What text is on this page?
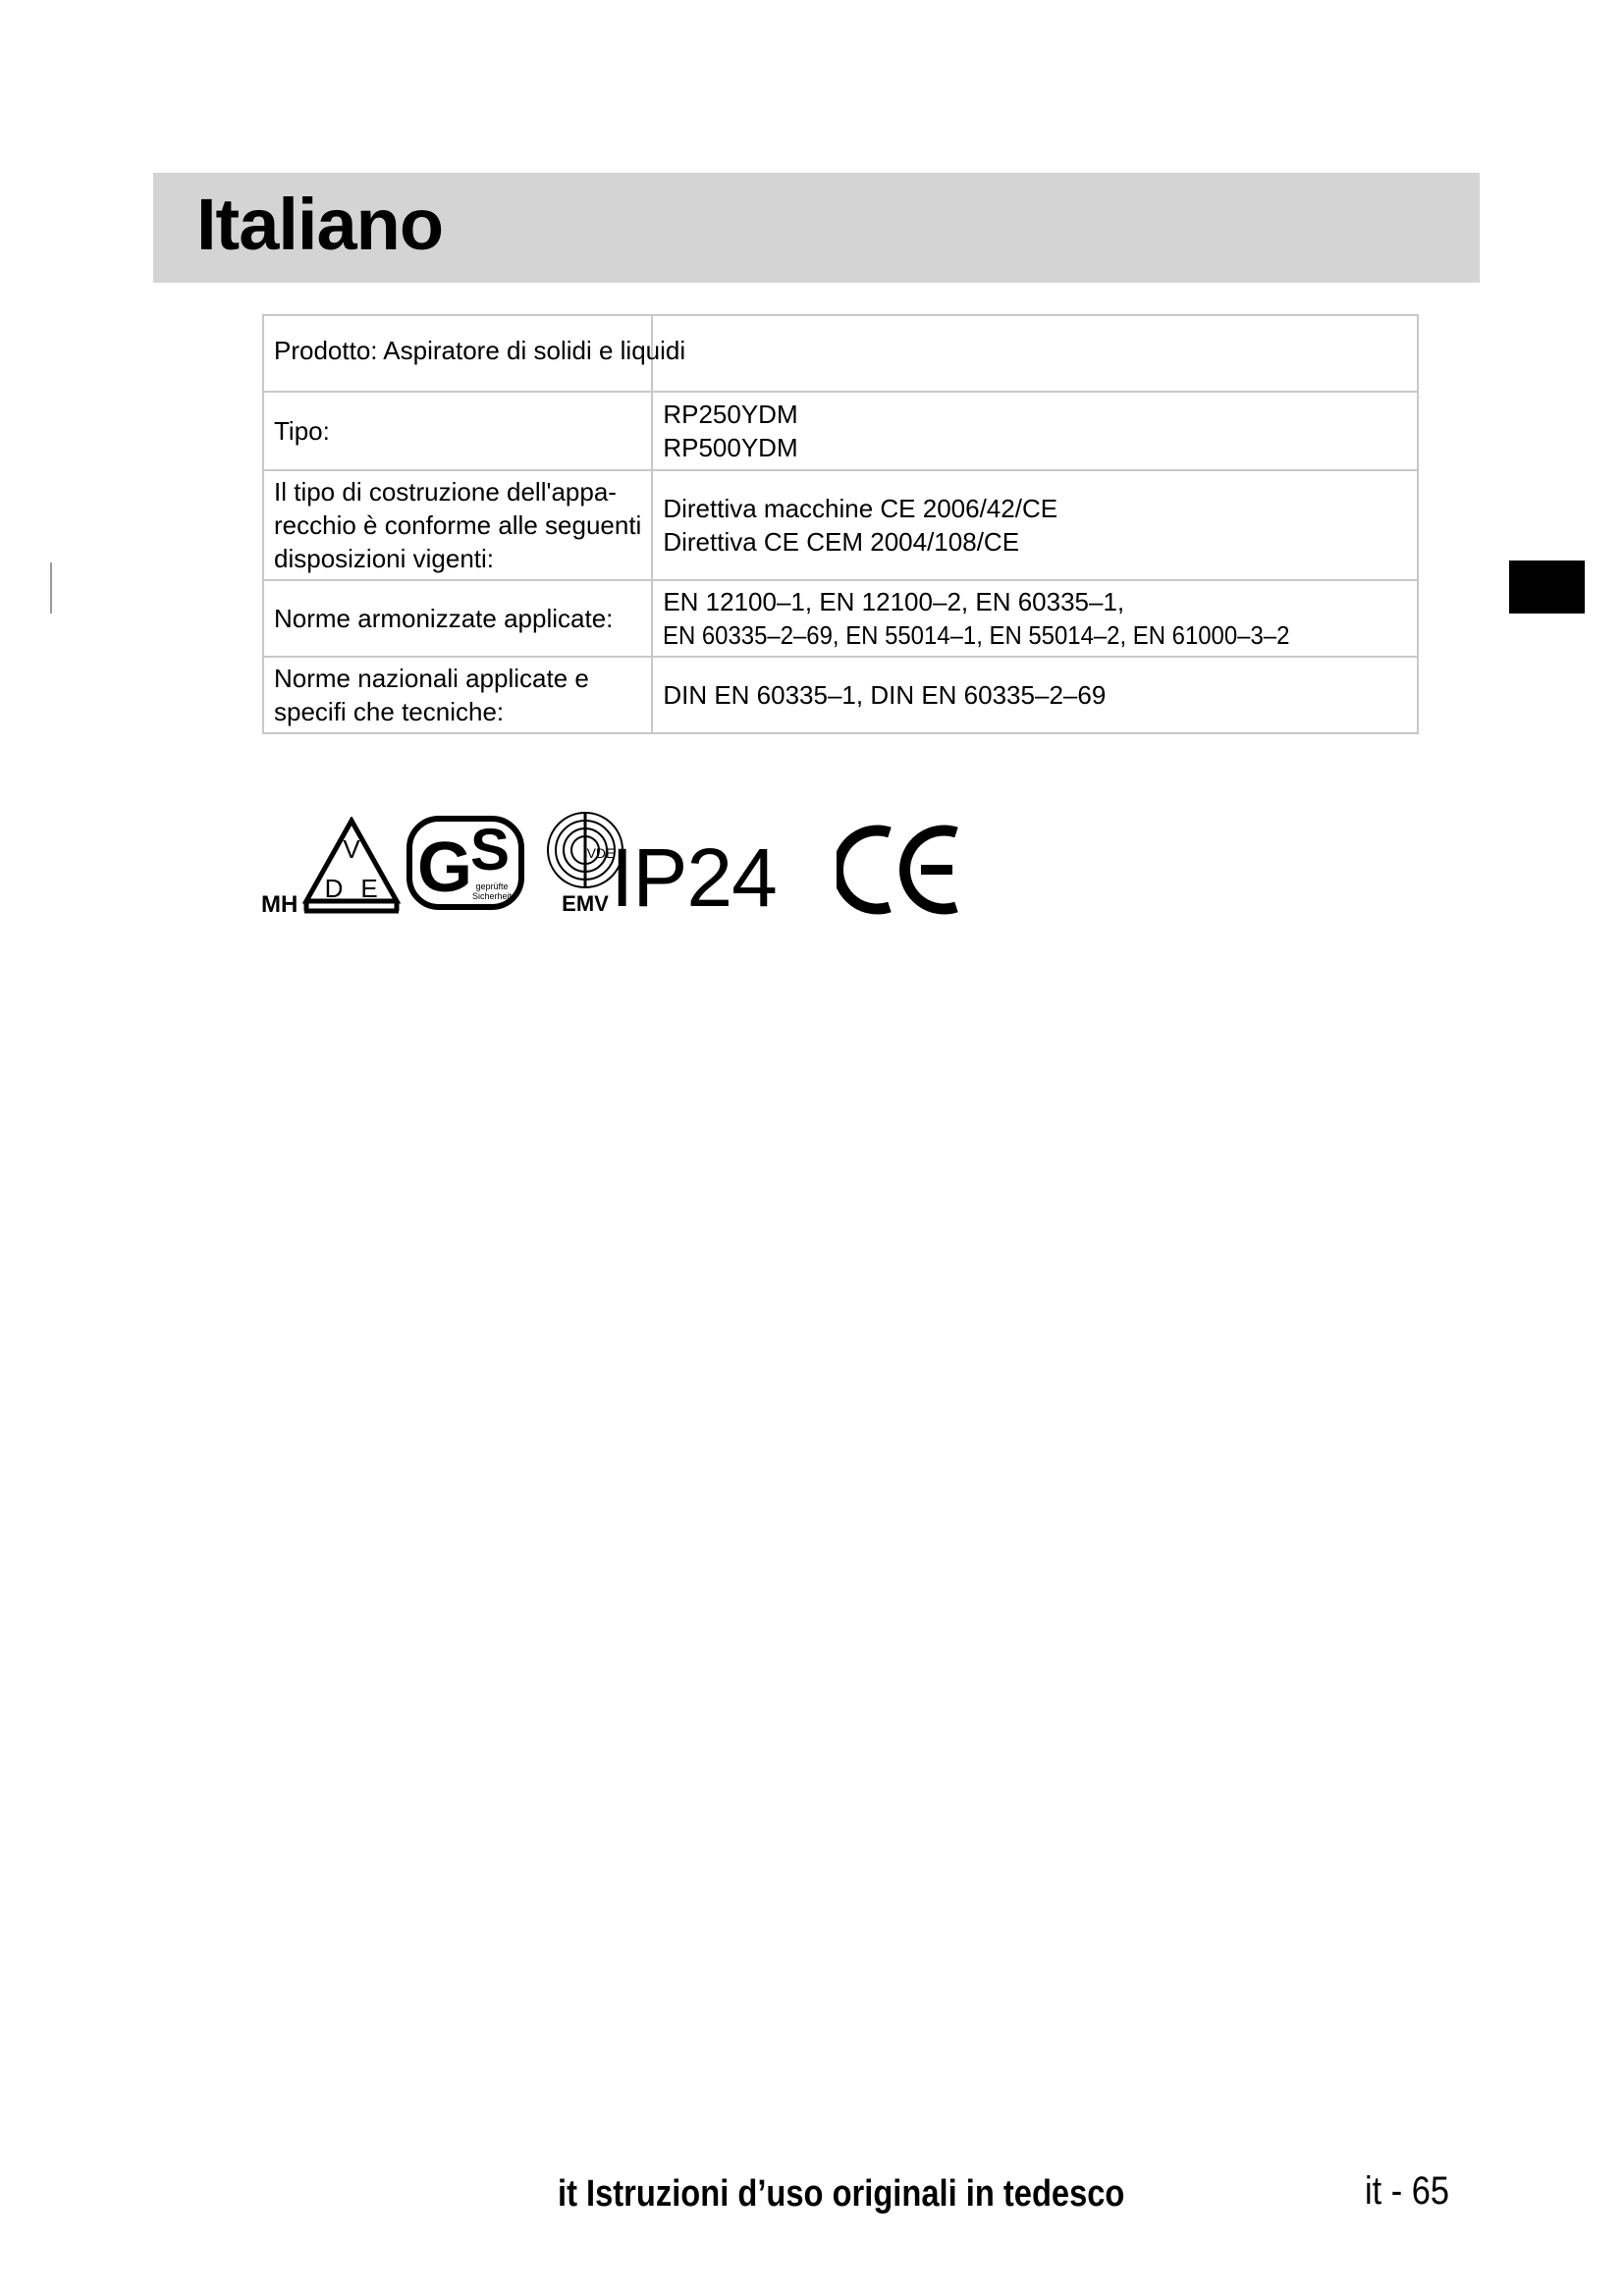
Italiano
Prodotto: Aspiratore di solidi e liquidi	

Tipo:	RP250YDM
RP500YDM

Il tipo di costruzione dell'appa-
recchio è conforme alle seguenti
disposizioni vigenti:	Direttiva macchine CE 2006/42/CE
Direttiva CE CEM 2004/108/CE

Norme armonizzate applicate:	EN 12100–1, EN 12100–2, EN 60335–1,
EN 60335–2–69, EN 55014–1, EN 55014–2, EN 61000–3–2

Norme nazionali applicate e
specifi che tecniche:	DIN EN 60335–1, DIN EN 60335–2–69
MH
V
D E G
S
geprüfte
Sicherheit
VDE
EMV IP24
it Istruzioni d’uso originali in tedesco	it - 65
